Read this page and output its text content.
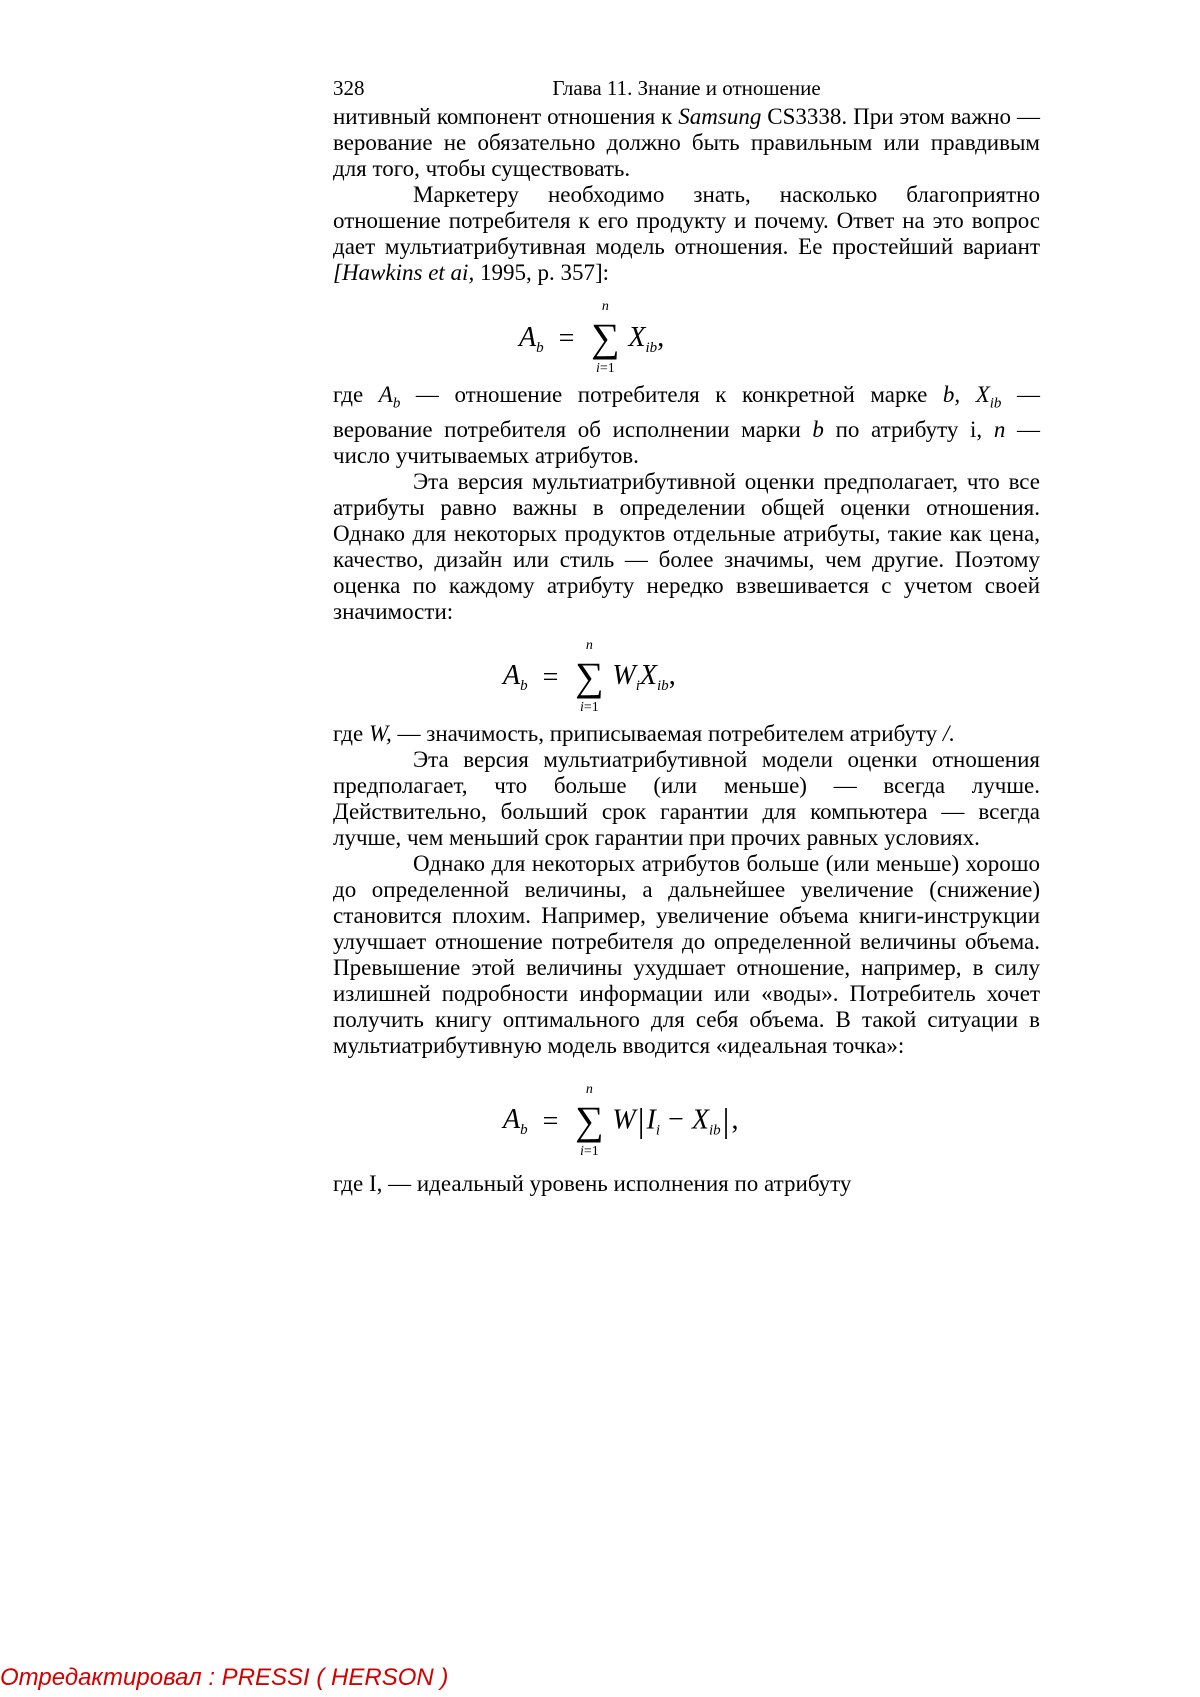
328	Глава 11. Знание и отношение

нитивный компонент отношения к Samsung CS3338. При этом важно — верование не обязательно должно быть правильным или правдивым для того, чтобы существовать.

Маркетеру необходимо знать, насколько благоприятно отношение потребителя к его продукту и почему. Ответ на это вопрос дает мультиатрибутивная модель отношения. Ее простейший вариант [Hawkins et ai, 1995, p. 357]:

$A_b$ =
n
∑
i=1
$X_{ib}$,

где $A_b$ — отношение потребителя к конкретной марке b, $X_{ib}$ — верование потребителя об исполнении марки b по атрибуту i, n — число учитываемых атрибутов.

Эта версия мультиатрибутивной оценки предполагает, что все атрибуты равно важны в определении общей оценки отношения. Однако для некоторых продуктов отдельные атрибуты, такие как цена, качество, дизайн или стиль — более значимы, чем другие. Поэтому оценка по каждому атрибуту нередко взвешивается с учетом своей значимости:

$A_b$ =
n
∑
i=1
$W_iX_{ib}$,

где W, — значимость, приписываемая потребителем атрибуту /.

Эта версия мультиатрибутивной модели оценки отношения предполагает, что больше (или меньше) — всегда лучше. Действительно, больший срок гарантии для компьютера — всегда лучше, чем меньший срок гарантии при прочих равных условиях.

Однако для некоторых атрибутов больше (или меньше) хорошо до определенной величины, а дальнейшее увеличение (снижение) становится плохим. Например, увеличение объема книги-инструкции улучшает отношение потребителя до определенной величины объема. Превышение этой величины ухудшает отношение, например, в силу излишней подробности информации или «воды». Потребитель хочет получить книгу оптимального для себя объема. В такой ситуации в мультиатрибутивную модель вводится «идеальная точка»:

$A_b$ =
n
∑
i=1
$W|I_i - X_{ib}|$,

где I, — идеальный уровень исполнения по атрибуту

Отредактировал : PRESSI ( HERSON )
